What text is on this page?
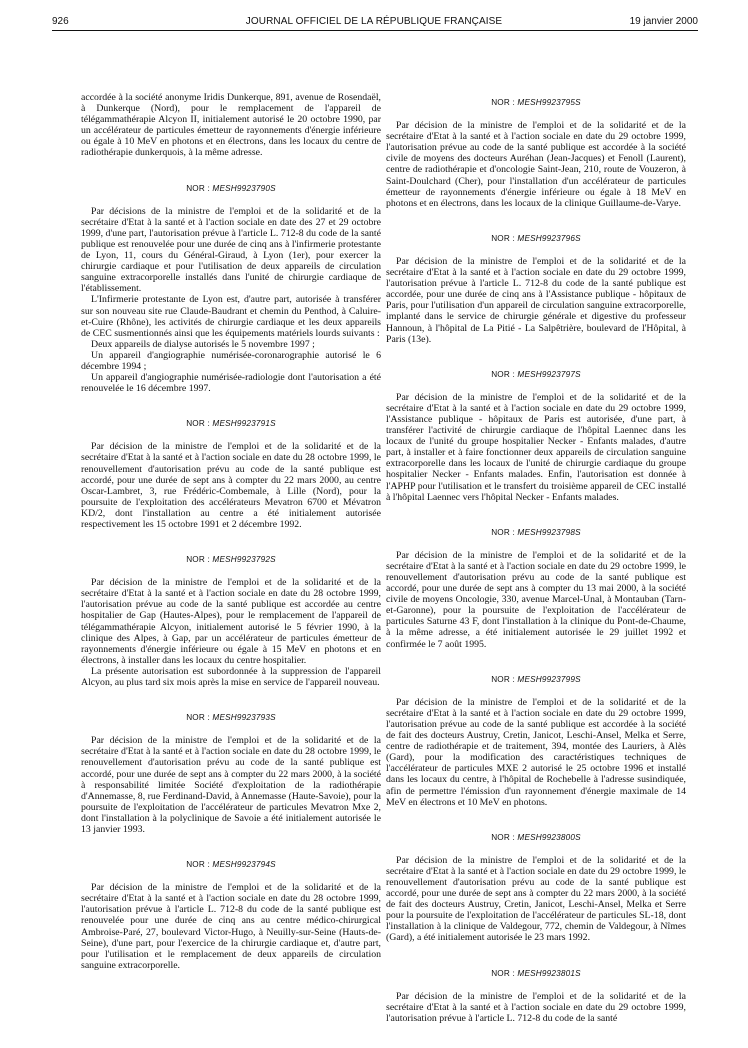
926	JOURNAL OFFICIEL DE LA RÉPUBLIQUE FRANÇAISE	19 janvier 2000

accordée à la société anonyme Iridis Dunkerque, 891, avenue de Rosendaël, à Dunkerque (Nord), pour le remplacement de l'appareil de télégammathérapie Alcyon II, initialement autorisé le 20 octobre 1990, par un accélérateur de particules émetteur de rayonnements d'énergie inférieure ou égale à 10 MeV en photons et en électrons, dans les locaux du centre de radiothérapie dunkerquois, à la même adresse.

NOR : MESH9923790S

Par décisions de la ministre de l'emploi et de la solidarité et de la secrétaire d'Etat à la santé et à l'action sociale en date des 27 et 29 octobre 1999, d'une part, l'autorisation prévue à l'article L. 712-8 du code de la santé publique est renouvelée pour une durée de cinq ans à l'infirmerie protestante de Lyon, 11, cours du Général-Giraud, à Lyon (1er), pour exercer la chirurgie cardiaque et pour l'utilisation de deux appareils de circulation sanguine extracorporelle installés dans l'unité de chirurgie cardiaque de l'établissement.

L'Infirmerie protestante de Lyon est, d'autre part, autorisée à transférer sur son nouveau site rue Claude-Baudrant et chemin du Penthod, à Caluire-et-Cuire (Rhône), les activités de chirurgie cardiaque et les deux appareils de CEC susmentionnés ainsi que les équipements matériels lourds suivants :

Deux appareils de dialyse autorisés le 5 novembre 1997 ;

Un appareil d'angiographie numérisée-coronarographie autorisé le 6 décembre 1994 ;

Un appareil d'angiographie numérisée-radiologie dont l'autorisation a été renouvelée le 16 décembre 1997.

NOR : MESH9923791S

Par décision de la ministre de l'emploi et de la solidarité et de la secrétaire d'Etat à la santé et à l'action sociale en date du 28 octobre 1999, le renouvellement d'autorisation prévu au code de la santé publique est accordé, pour une durée de sept ans à compter du 22 mars 2000, au centre Oscar-Lambret, 3, rue Frédéric-Combemale, à Lille (Nord), pour la poursuite de l'exploitation des accélérateurs Mevatron 6700 et Mévatron KD/2, dont l'installation au centre a été initialement autorisée respectivement les 15 octobre 1991 et 2 décembre 1992.

NOR : MESH9923792S

Par décision de la ministre de l'emploi et de la solidarité et de la secrétaire d'Etat à la santé et à l'action sociale en date du 28 octobre 1999, l'autorisation prévue au code de la santé publique est accordée au centre hospitalier de Gap (Hautes-Alpes), pour le remplacement de l'appareil de télégammathérapie Alcyon, initialement autorisé le 5 février 1990, à la clinique des Alpes, à Gap, par un accélérateur de particules émetteur de rayonnements d'énergie inférieure ou égale à 15 MeV en photons et en électrons, à installer dans les locaux du centre hospitalier.

La présente autorisation est subordonnée à la suppression de l'appareil Alcyon, au plus tard six mois après la mise en service de l'appareil nouveau.

NOR : MESH9923793S

Par décision de la ministre de l'emploi et de la solidarité et de la secrétaire d'Etat à la santé et à l'action sociale en date du 28 octobre 1999, le renouvellement d'autorisation prévu au code de la santé publique est accordé, pour une durée de sept ans à compter du 22 mars 2000, à la société à responsabilité limitée Société d'exploitation de la radiothérapie d'Annemasse, 8, rue Ferdinand-David, à Annemasse (Haute-Savoie), pour la poursuite de l'exploitation de l'accélérateur de particules Mevatron Mxe 2, dont l'installation à la polyclinique de Savoie a été initialement autorisée le 13 janvier 1993.

NOR : MESH9923794S

Par décision de la ministre de l'emploi et de la solidarité et de la secrétaire d'Etat à la santé et à l'action sociale en date du 28 octobre 1999, l'autorisation prévue à l'article L. 712-8 du code de la santé publique est renouvelée pour une durée de cinq ans au centre médico-chirurgical Ambroise-Paré, 27, boulevard Victor-Hugo, à Neuilly-sur-Seine (Hauts-de-Seine), d'une part, pour l'exercice de la chirurgie cardiaque et, d'autre part, pour l'utilisation et le remplacement de deux appareils de circulation sanguine extracorporelle.

NOR : MESH9923795S

Par décision de la ministre de l'emploi et de la solidarité et de la secrétaire d'Etat à la santé et à l'action sociale en date du 29 octobre 1999, l'autorisation prévue au code de la santé publique est accordée à la société civile de moyens des docteurs Auréhan (Jean-Jacques) et Fenoll (Laurent), centre de radiothérapie et d'oncologie Saint-Jean, 210, route de Vouzeron, à Saint-Doulchard (Cher), pour l'installation d'un accélérateur de particules émetteur de rayonnements d'énergie inférieure ou égale à 18 MeV en photons et en électrons, dans les locaux de la clinique Guillaume-de-Varye.

NOR : MESH9923796S

Par décision de la ministre de l'emploi et de la solidarité et de la secrétaire d'Etat à la santé et à l'action sociale en date du 29 octobre 1999, l'autorisation prévue à l'article L. 712-8 du code de la santé publique est accordée, pour une durée de cinq ans à l'Assistance publique - hôpitaux de Paris, pour l'utilisation d'un appareil de circulation sanguine extracorporelle, implanté dans le service de chirurgie générale et digestive du professeur Hannoun, à l'hôpital de La Pitié - La Salpêtrière, boulevard de l'Hôpital, à Paris (13e).

NOR : MESH9923797S

Par décision de la ministre de l'emploi et de la solidarité et de la secrétaire d'Etat à la santé et à l'action sociale en date du 29 octobre 1999, l'Assistance publique - hôpitaux de Paris est autorisée, d'une part, à transférer l'activité de chirurgie cardiaque de l'hôpital Laennec dans les locaux de l'unité du groupe hospitalier Necker - Enfants malades, d'autre part, à installer et à faire fonctionner deux appareils de circulation sanguine extracorporelle dans les locaux de l'unité de chirurgie cardiaque du groupe hospitalier Necker - Enfants malades. Enfin, l'autorisation est donnée à l'APHP pour l'utilisation et le transfert du troisième appareil de CEC installé à l'hôpital Laennec vers l'hôpital Necker - Enfants malades.

NOR : MESH9923798S

Par décision de la ministre de l'emploi et de la solidarité et de la secrétaire d'Etat à la santé et à l'action sociale en date du 29 octobre 1999, le renouvellement d'autorisation prévu au code de la santé publique est accordé, pour une durée de sept ans à compter du 13 mai 2000, à la société civile de moyens Oncologie, 330, avenue Marcel-Unal, à Montauban (Tarn-et-Garonne), pour la poursuite de l'exploitation de l'accélérateur de particules Saturne 43 F, dont l'installation à la clinique du Pont-de-Chaume, à la même adresse, a été initialement autorisée le 29 juillet 1992 et confirmée le 7 août 1995.

NOR : MESH9923799S

Par décision de la ministre de l'emploi et de la solidarité et de la secrétaire d'Etat à la santé et à l'action sociale en date du 29 octobre 1999, l'autorisation prévue au code de la santé publique est accordée à la société de fait des docteurs Austruy, Cretin, Janicot, Leschi-Ansel, Melka et Serre, centre de radiothérapie et de traitement, 394, montée des Lauriers, à Alès (Gard), pour la modification des caractéristiques techniques de l'accélérateur de particules MXE 2 autorisé le 25 octobre 1996 et installé dans les locaux du centre, à l'hôpital de Rochebelle à l'adresse susindiquée, afin de permettre l'émission d'un rayonnement d'énergie maximale de 14 MeV en électrons et 10 MeV en photons.

NOR : MESH9923800S

Par décision de la ministre de l'emploi et de la solidarité et de la secrétaire d'Etat à la santé et à l'action sociale en date du 29 octobre 1999, le renouvellement d'autorisation prévu au code de la santé publique est accordé, pour une durée de sept ans à compter du 22 mars 2000, à la société de fait des docteurs Austruy, Cretin, Janicot, Leschi-Ansel, Melka et Serre pour la poursuite de l'exploitation de l'accélérateur de particules SL-18, dont l'installation à la clinique de Valdegour, 772, chemin de Valdegour, à Nîmes (Gard), a été initialement autorisée le 23 mars 1992.

NOR : MESH9923801S

Par décision de la ministre de l'emploi et de la solidarité et de la secrétaire d'Etat à la santé et à l'action sociale en date du 29 octobre 1999, l'autorisation prévue à l'article L. 712-8 du code de la santé
